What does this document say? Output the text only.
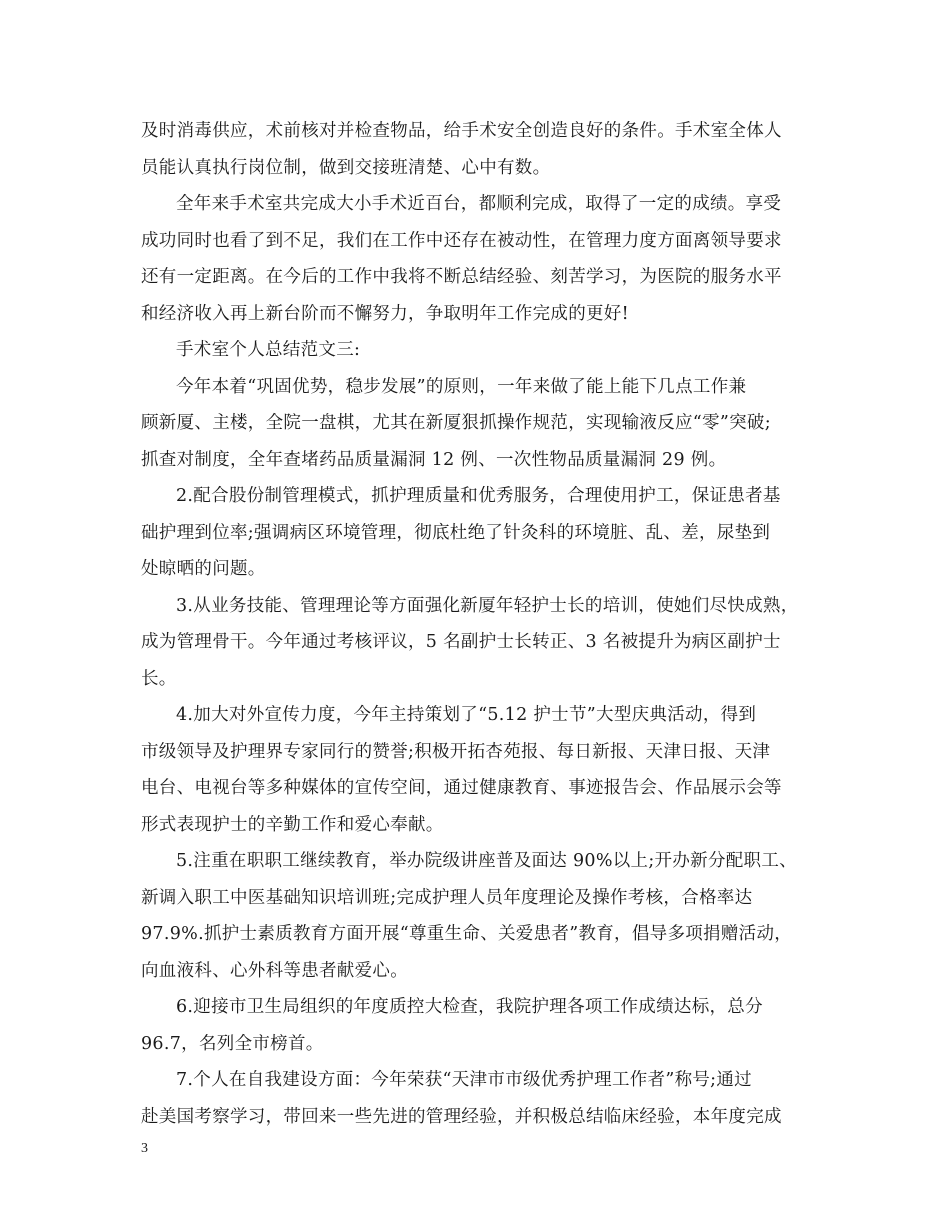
及时消毒供应，术前核对并检查物品，给手术安全创造良好的条件。手术室全体人
员能认真执行岗位制，做到交接班清楚、心中有数。
全年来手术室共完成大小手术近百台，都顺利完成，取得了一定的成绩。享受
成功同时也看了到不足，我们在工作中还存在被动性，在管理力度方面离领导要求
还有一定距离。在今后的工作中我将不断总结经验、刻苦学习，为医院的服务水平
和经济收入再上新台阶而不懈努力，争取明年工作完成的更好!
手术室个人总结范文三:
今年本着“巩固优势，稳步发展”的原则，一年来做了能上能下几点工作兼
顾新厦、主楼，全院一盘棋，尤其在新厦狠抓操作规范，实现输液反应“零”突破;
抓查对制度，全年查堵药品质量漏洞 12 例、一次性物品质量漏洞 29 例。
2.配合股份制管理模式，抓护理质量和优秀服务，合理使用护工，保证患者基
础护理到位率;强调病区环境管理，彻底杜绝了针灸科的环境脏、乱、差，尿垫到
处晾晒的问题。
3.从业务技能、管理理论等方面强化新厦年轻护士长的培训，使她们尽快成熟，
成为管理骨干。今年通过考核评议，5 名副护士长转正、3 名被提升为病区副护士
长。
4.加大对外宣传力度，今年主持策划了“5.12 护士节”大型庆典活动，得到
市级领导及护理界专家同行的赞誉;积极开拓杏苑报、每日新报、天津日报、天津
电台、电视台等多种媒体的宣传空间，通过健康教育、事迹报告会、作品展示会等
形式表现护士的辛勤工作和爱心奉献。
5.注重在职职工继续教育，举办院级讲座普及面达 90%以上;开办新分配职工、
新调入职工中医基础知识培训班;完成护理人员年度理论及操作考核，合格率达
97.9%.抓护士素质教育方面开展“尊重生命、关爱患者”教育，倡导多项捐赠活动，
向血液科、心外科等患者献爱心。
6.迎接市卫生局组织的年度质控大检查，我院护理各项工作成绩达标，总分
96.7，名列全市榜首。
7.个人在自我建设方面：今年荣获“天津市市级优秀护理工作者”称号;通过
赴美国考察学习，带回来一些先进的管理经验，并积极总结临床经验，本年度完成
3
